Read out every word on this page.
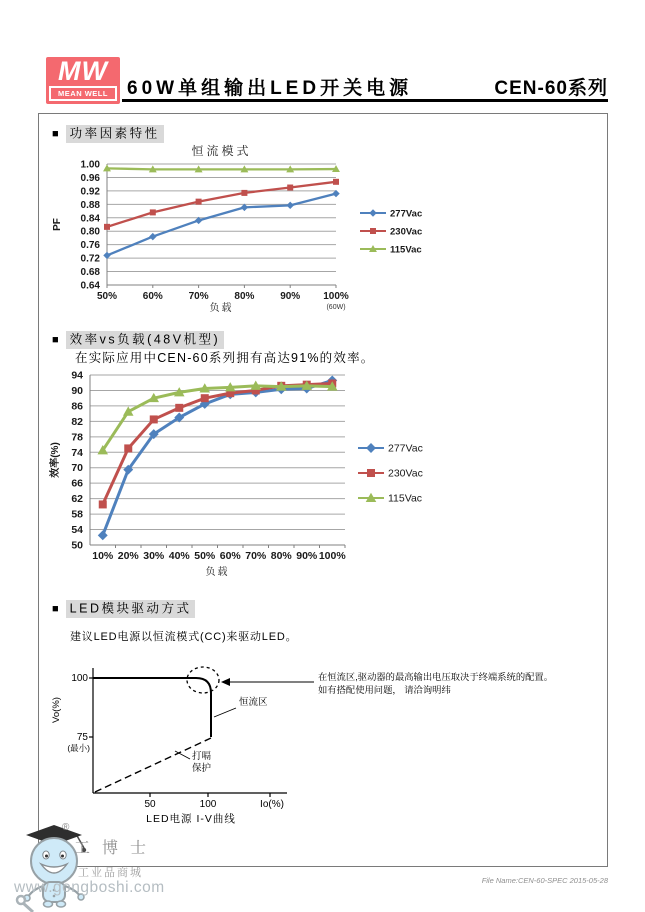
MW
MEAN WELL	60W单组输出LED开关电源	CEN-60系列
■ 功率因素特性
0.64
0.68
0.72
0.76
0.80
0.84
0.88
0.92
0.96
1.00
50%	60%	70%	80%	90% 100%
(60W)
恒流模式
PF
负载
277Vac
230Vac
115Vac
■ 效率vs负载(48V机型)
在实际应用中CEN-60系列拥有高达91%的效率。
50
54
58
62
66
70
74
78
82
86
90
94
10% 20% 30% 40% 50% 60% 70% 80% 90% 100%
效率(%)
负载
277Vac
230Vac
115Vac
■ LED模块驱动方式
建议LED电源以恒流模式(CC)来驱动LED。
100
75
(最小)
50	100	Io(%)
Vo(%)
LED电源 I-V曲线
恒流区
打嗝
保护
在恒流区,驱动器的最高输出电压取决于终端系统的配置。
如有搭配使用问题， 请洽询明纬
®
工博士
工业品商城
www.gongboshi.com	File Name:CEN-60-SPEC 2015-05-28
